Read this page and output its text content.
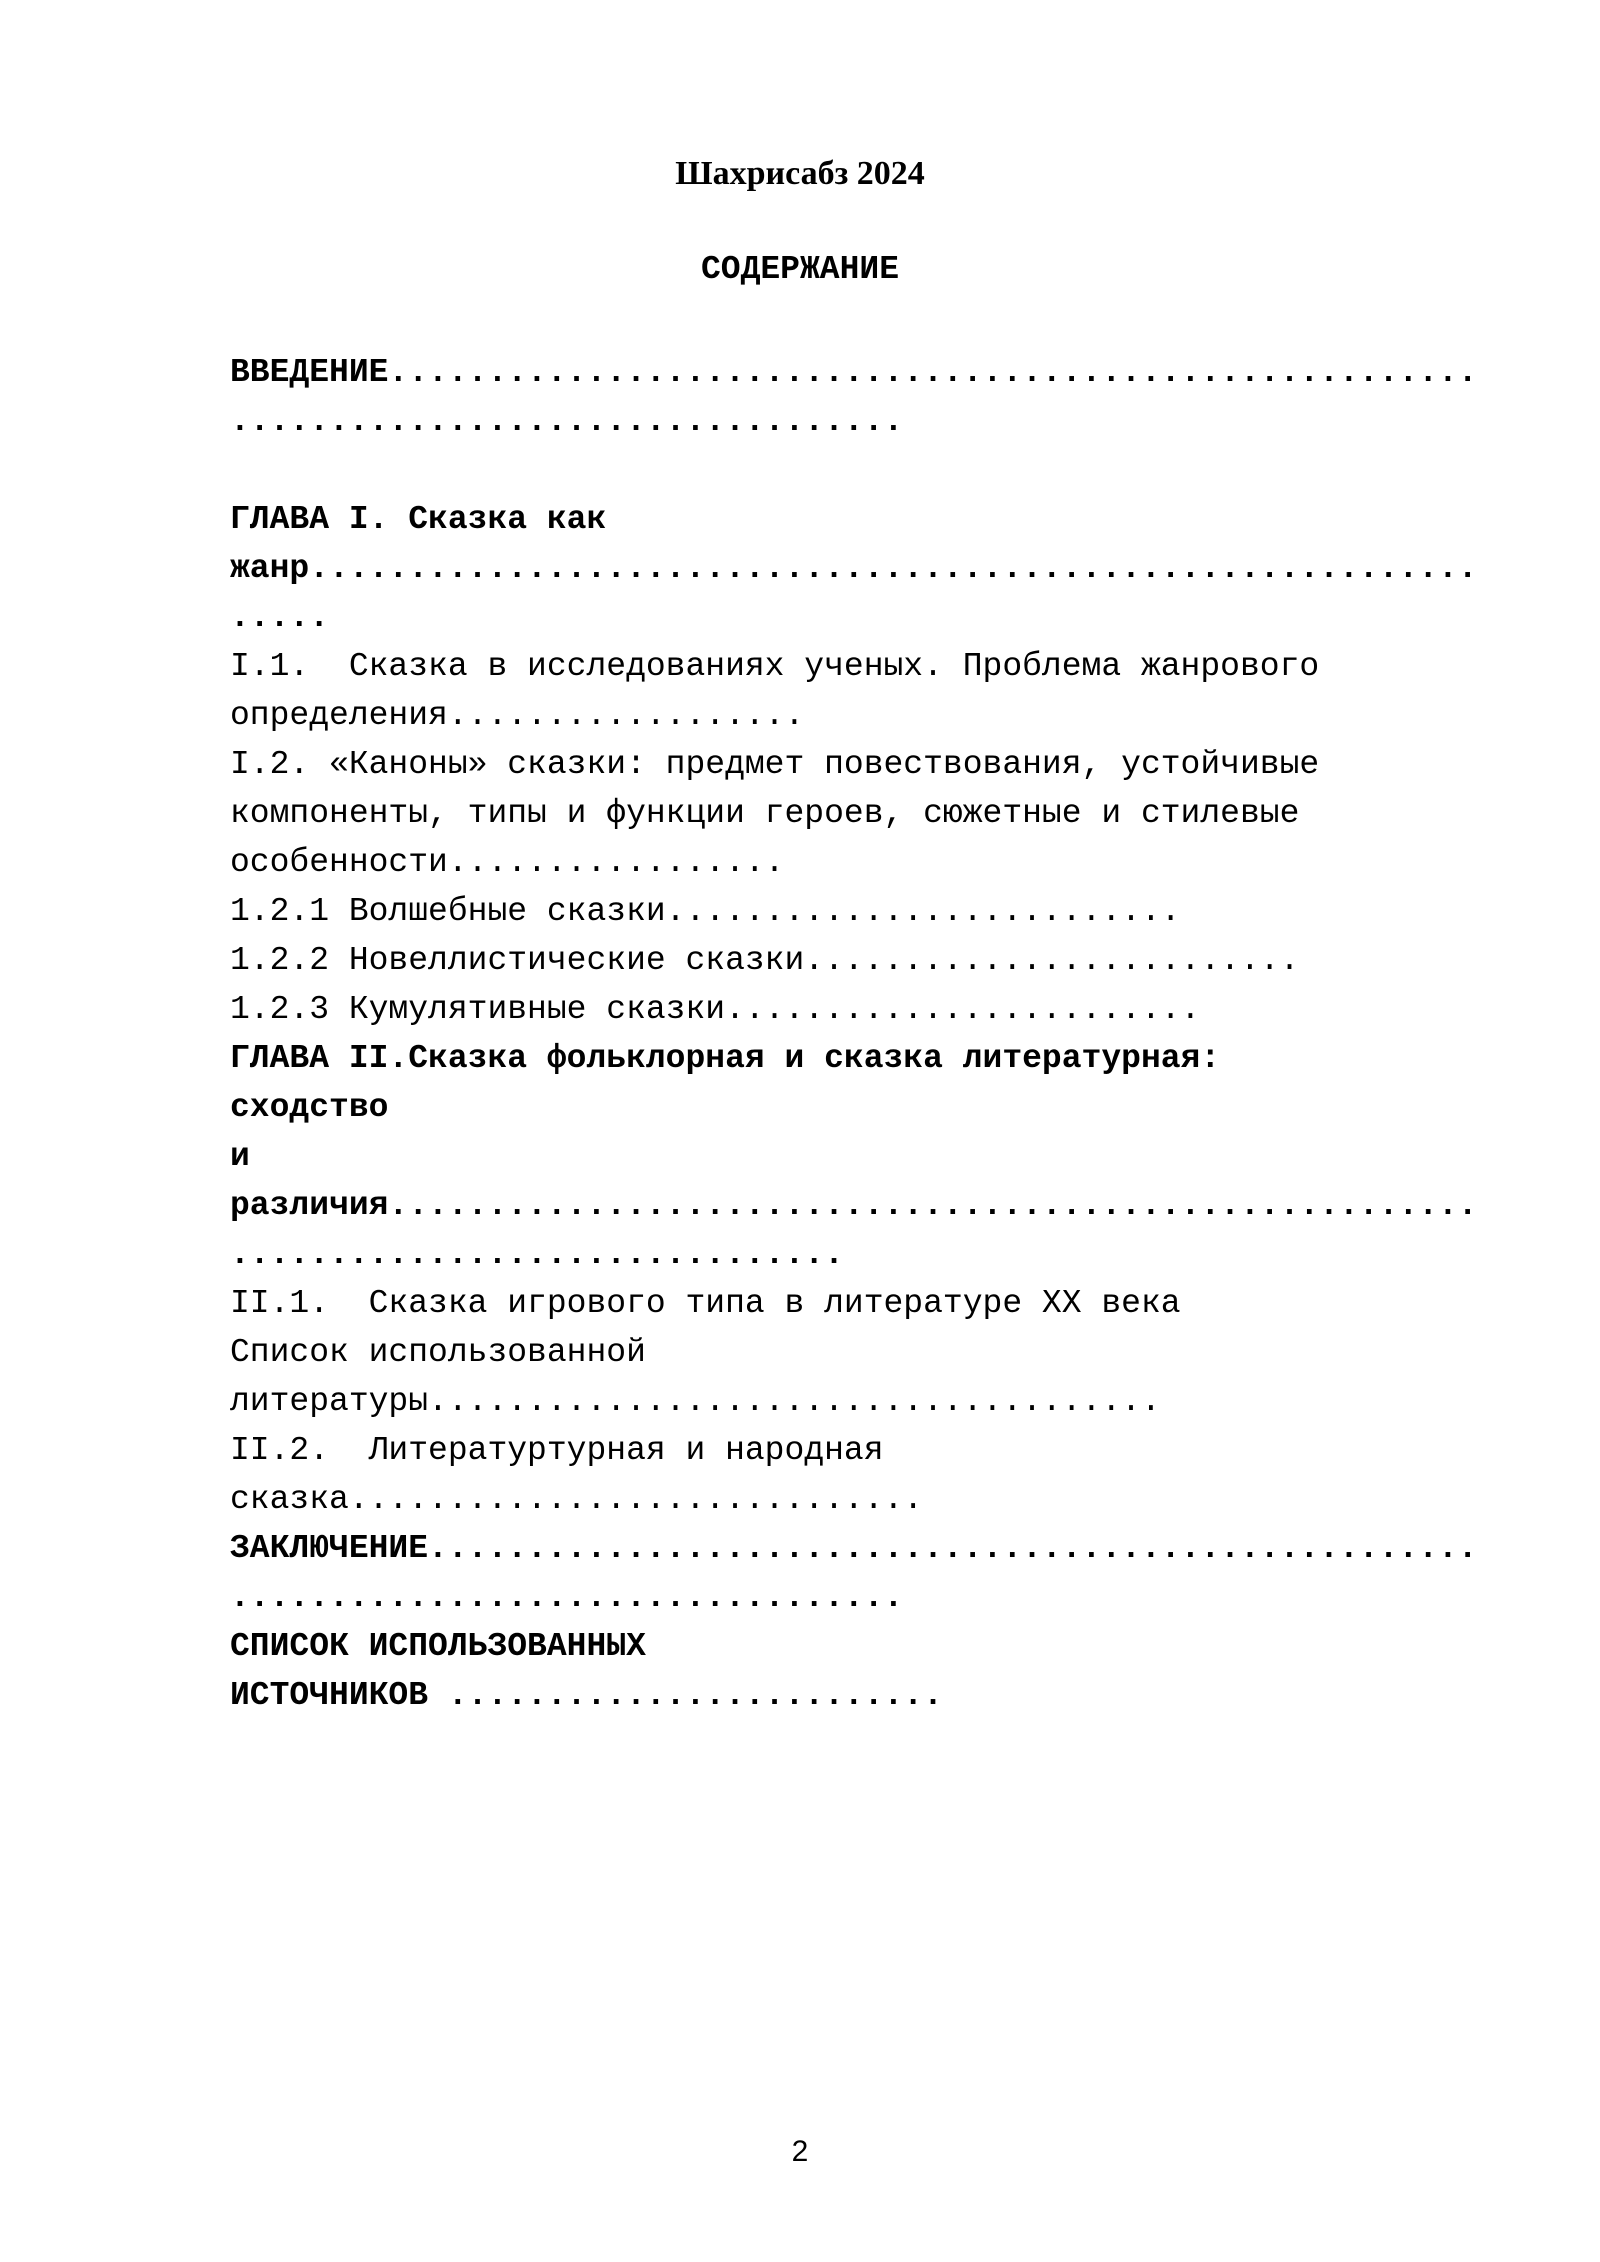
Шахрисабз 2024
СОДЕРЖАНИЕ
ВВЕДЕНИЕ.......................................................
..................................
ГЛАВА I. Сказка как
жанр...........................................................
.....
I.1.  Сказка в исследованиях ученых. Проблема жанрового
определения..................
I.2. «Каноны» сказки: предмет повествования, устойчивые
компоненты, типы и функции героев, сюжетные и стилевые
особенности.................
1.2.1 Волшебные сказки..........................
1.2.2 Новеллистические сказки.........................
1.2.3 Кумулятивные сказки........................
ГЛАВА II.Сказка фольклорная и сказка литературная:
сходство
и
различия.......................................................
...............................
II.1.  Сказка игрового типа в литературе XX века
Список использованной
литературы.....................................
II.2.  Литературтурная и народная
сказка.............................
ЗАКЛЮЧЕНИЕ.....................................................
..................................
СПИСОК ИСПОЛЬЗОВАННЫХ
ИСТОЧНИКОВ .........................
2
